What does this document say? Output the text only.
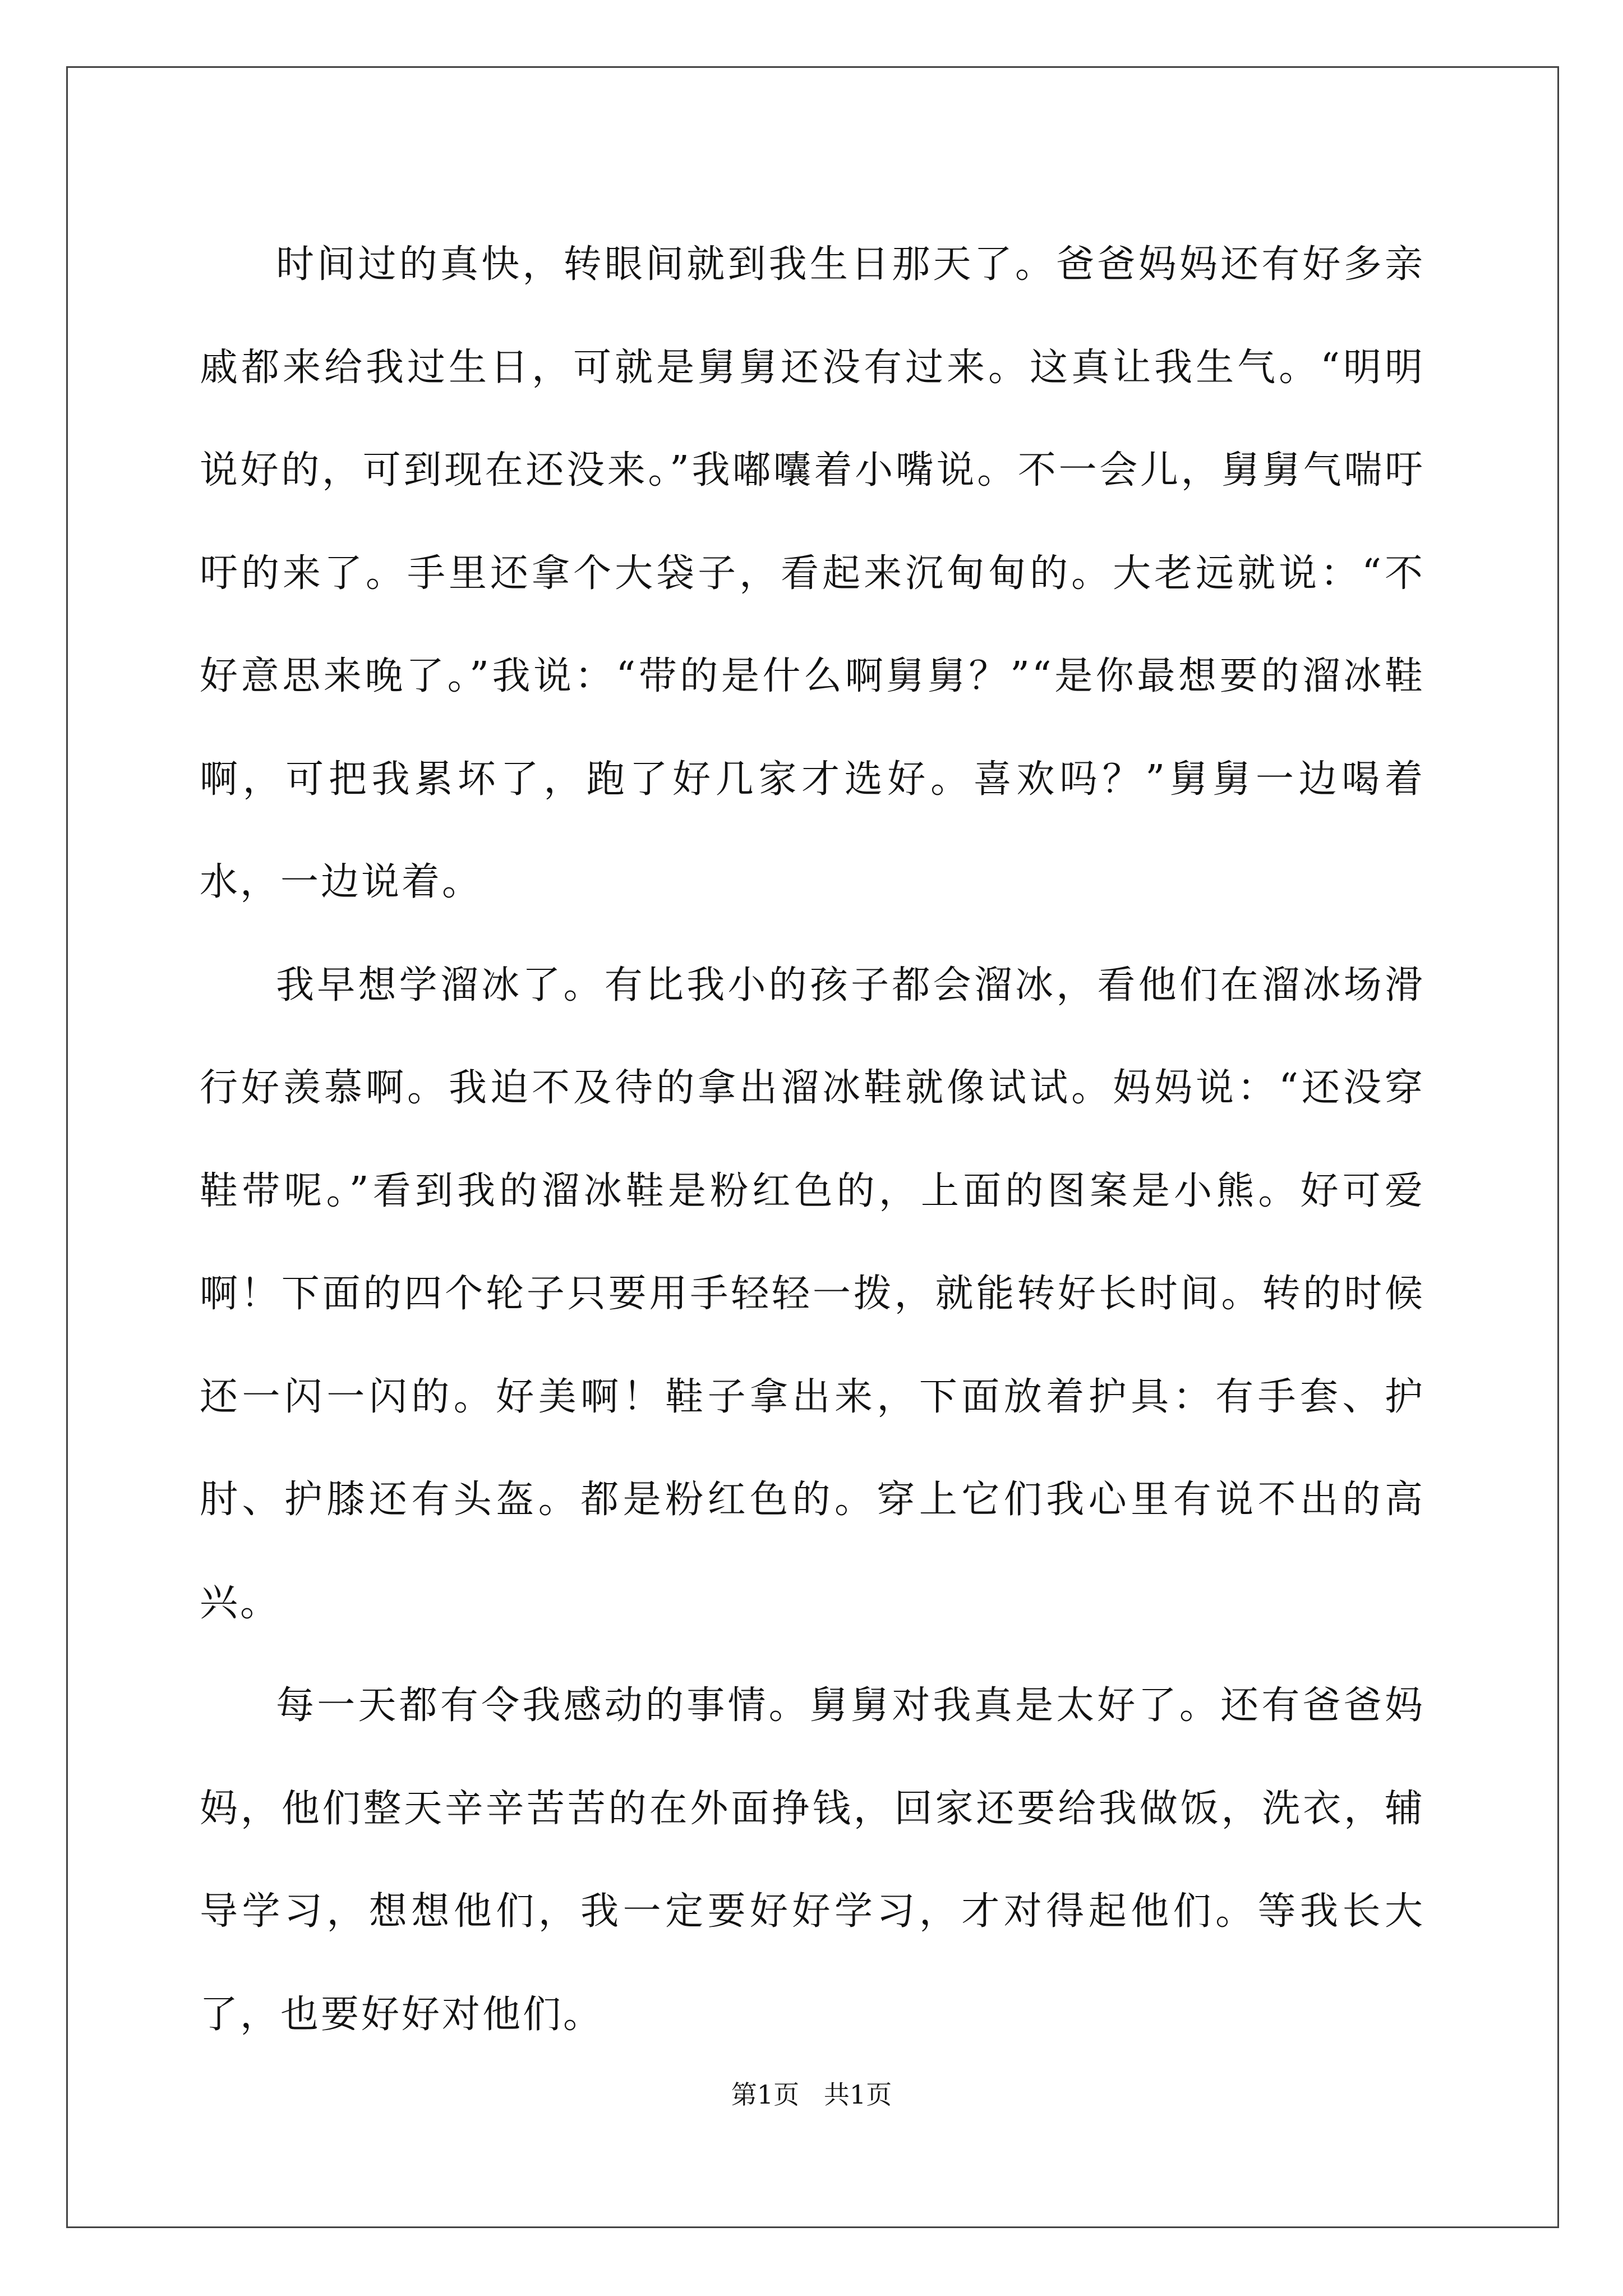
时间过的真快，转眼间就到我生日那天了。爸爸妈妈还有好多亲戚都来给我过生日，可就是舅舅还没有过来。这真让我生气。“明明说好的，可到现在还没来。”我嘟囔着小嘴说。不一会儿，舅舅气喘吁吁的来了。手里还拿个大袋子，看起来沉甸甸的。大老远就说：“不好意思来晚了。”我说：“带的是什么啊舅舅？”“是你最想要的溜冰鞋啊，可把我累坏了，跑了好几家才选好。喜欢吗？”舅舅一边喝着水，一边说着。

我早想学溜冰了。有比我小的孩子都会溜冰，看他们在溜冰场滑行好羡慕啊。我迫不及待的拿出溜冰鞋就像试试。妈妈说：“还没穿鞋带呢。”看到我的溜冰鞋是粉红色的，上面的图案是小熊。好可爱啊！下面的四个轮子只要用手轻轻一拨，就能转好长时间。转的时候还一闪一闪的。好美啊！鞋子拿出来，下面放着护具：有手套、护肘、护膝还有头盔。都是粉红色的。穿上它们我心里有说不出的高兴。

每一天都有令我感动的事情。舅舅对我真是太好了。还有爸爸妈妈，他们整天辛辛苦苦的在外面挣钱，回家还要给我做饭，洗衣，辅导学习，想想他们，我一定要好好学习，才对得起他们。等我长大了，也要好好对他们。

第1页   共1页
